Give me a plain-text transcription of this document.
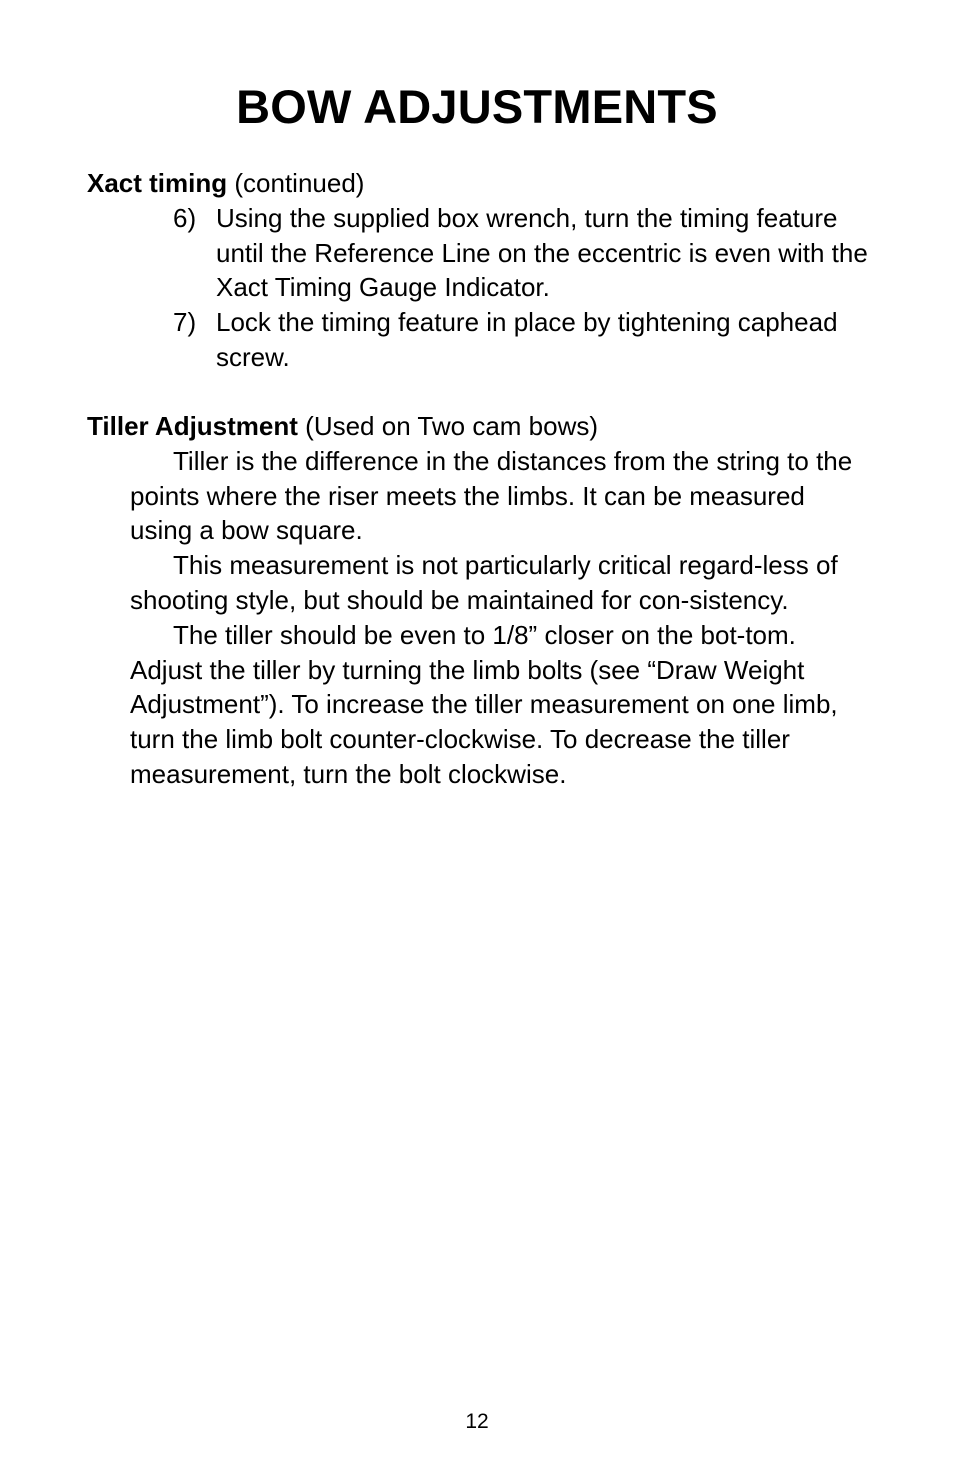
BOW ADJUSTMENTS

Xact timing (continued)

6) Using the supplied box wrench, turn the timing feature until the Reference Line on the eccentric is even with the Xact Timing Gauge Indicator.
7) Lock the timing feature in place by tightening caphead screw.

Tiller Adjustment (Used on Two cam bows)

Tiller is the difference in the distances from the string to the points where the riser meets the limbs. It can be measured using a bow square.

This measurement is not particularly critical regard-less of shooting style, but should be maintained for con-sistency.

The tiller should be even to 1/8” closer on the bot-tom. Adjust the tiller by turning the limb bolts (see “Draw Weight Adjustment”). To increase the tiller measurement on one limb, turn the limb bolt counter-clockwise. To decrease the tiller measurement, turn the bolt clockwise.

12
